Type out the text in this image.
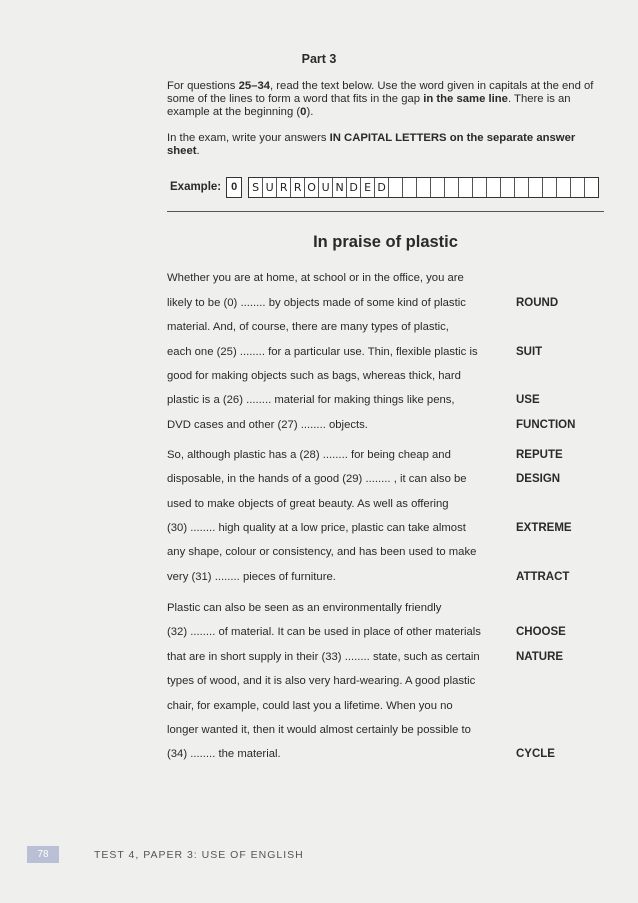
Part 3
For questions 25–34, read the text below. Use the word given in capitals at the end of some of the lines to form a word that fits in the gap in the same line. There is an example at the beginning (0).
In the exam, write your answers IN CAPITAL LETTERS on the separate answer sheet.
Example: 0	S U R R O U N D E D
In praise of plastic
Whether you are at home, at school or in the office, you are
likely to be (0) ........ by objects made of some kind of plastic
material. And, of course, there are many types of plastic,
each one (25) ........ for a particular use. Thin, flexible plastic is
good for making objects such as bags, whereas thick, hard
plastic is a (26) ........ material for making things like pens,
DVD cases and other (27) ........ objects.
So, although plastic has a (28) ........ for being cheap and
disposable, in the hands of a good (29) ........ , it can also be
used to make objects of great beauty. As well as offering
(30) ........ high quality at a low price, plastic can take almost
any shape, colour or consistency, and has been used to make
very (31) ........ pieces of furniture.
Plastic can also be seen as an environmentally friendly
(32) ........ of material. It can be used in place of other materials
that are in short supply in their (33) ........ state, such as certain
types of wood, and it is also very hard-wearing. A good plastic
chair, for example, could last you a lifetime. When you no
longer wanted it, then it would almost certainly be possible to
(34) ........ the material.
ROUND
SUIT
USE
FUNCTION
REPUTE
DESIGN
EXTREME
ATTRACT
CHOOSE
NATURE
CYCLE
78	TEST 4, PAPER 3: USE OF ENGLISH
